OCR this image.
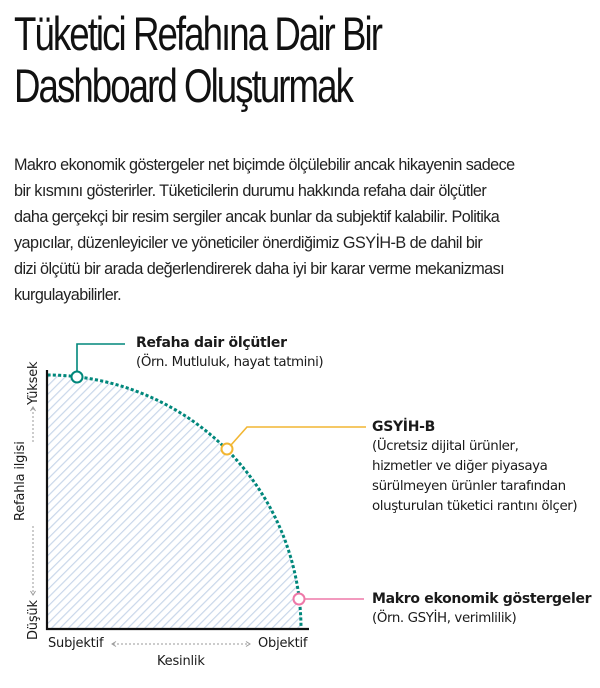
Tüketici Refahına Dair Bir
Dashboard Oluşturmak

Makro ekonomik göstergeler net biçimde ölçülebilir ancak hikayenin sadece
bir kısmını gösterirler. Tüketicilerin durumu hakkında refaha dair ölçütler
daha gerçekçi bir resim sergiler ancak bunlar da subjektif kalabilir. Politika
yapıcılar, düzenleyiciler ve yöneticiler önerdiğimiz GSYİH-B de dahil bir
dizi ölçütü bir arada değerlendirerek daha iyi bir karar verme mekanizması
kurgulayabilirler.

Refaha dair ölçütler
(Örn. Mutluluk, hayat tatmini)
GSYİH-B
(Ücretsiz dijital ürünler,
hizmetler ve diğer piyasaya
sürülmeyen ürünler tarafından
oluşturulan tüketici rantını ölçer)
Makro ekonomik göstergeler
(Örn. GSYİH, verimlilik)
Yüksek
Refahla ilgisi
Düşük
Subjektif	Objektif
Kesinlik
